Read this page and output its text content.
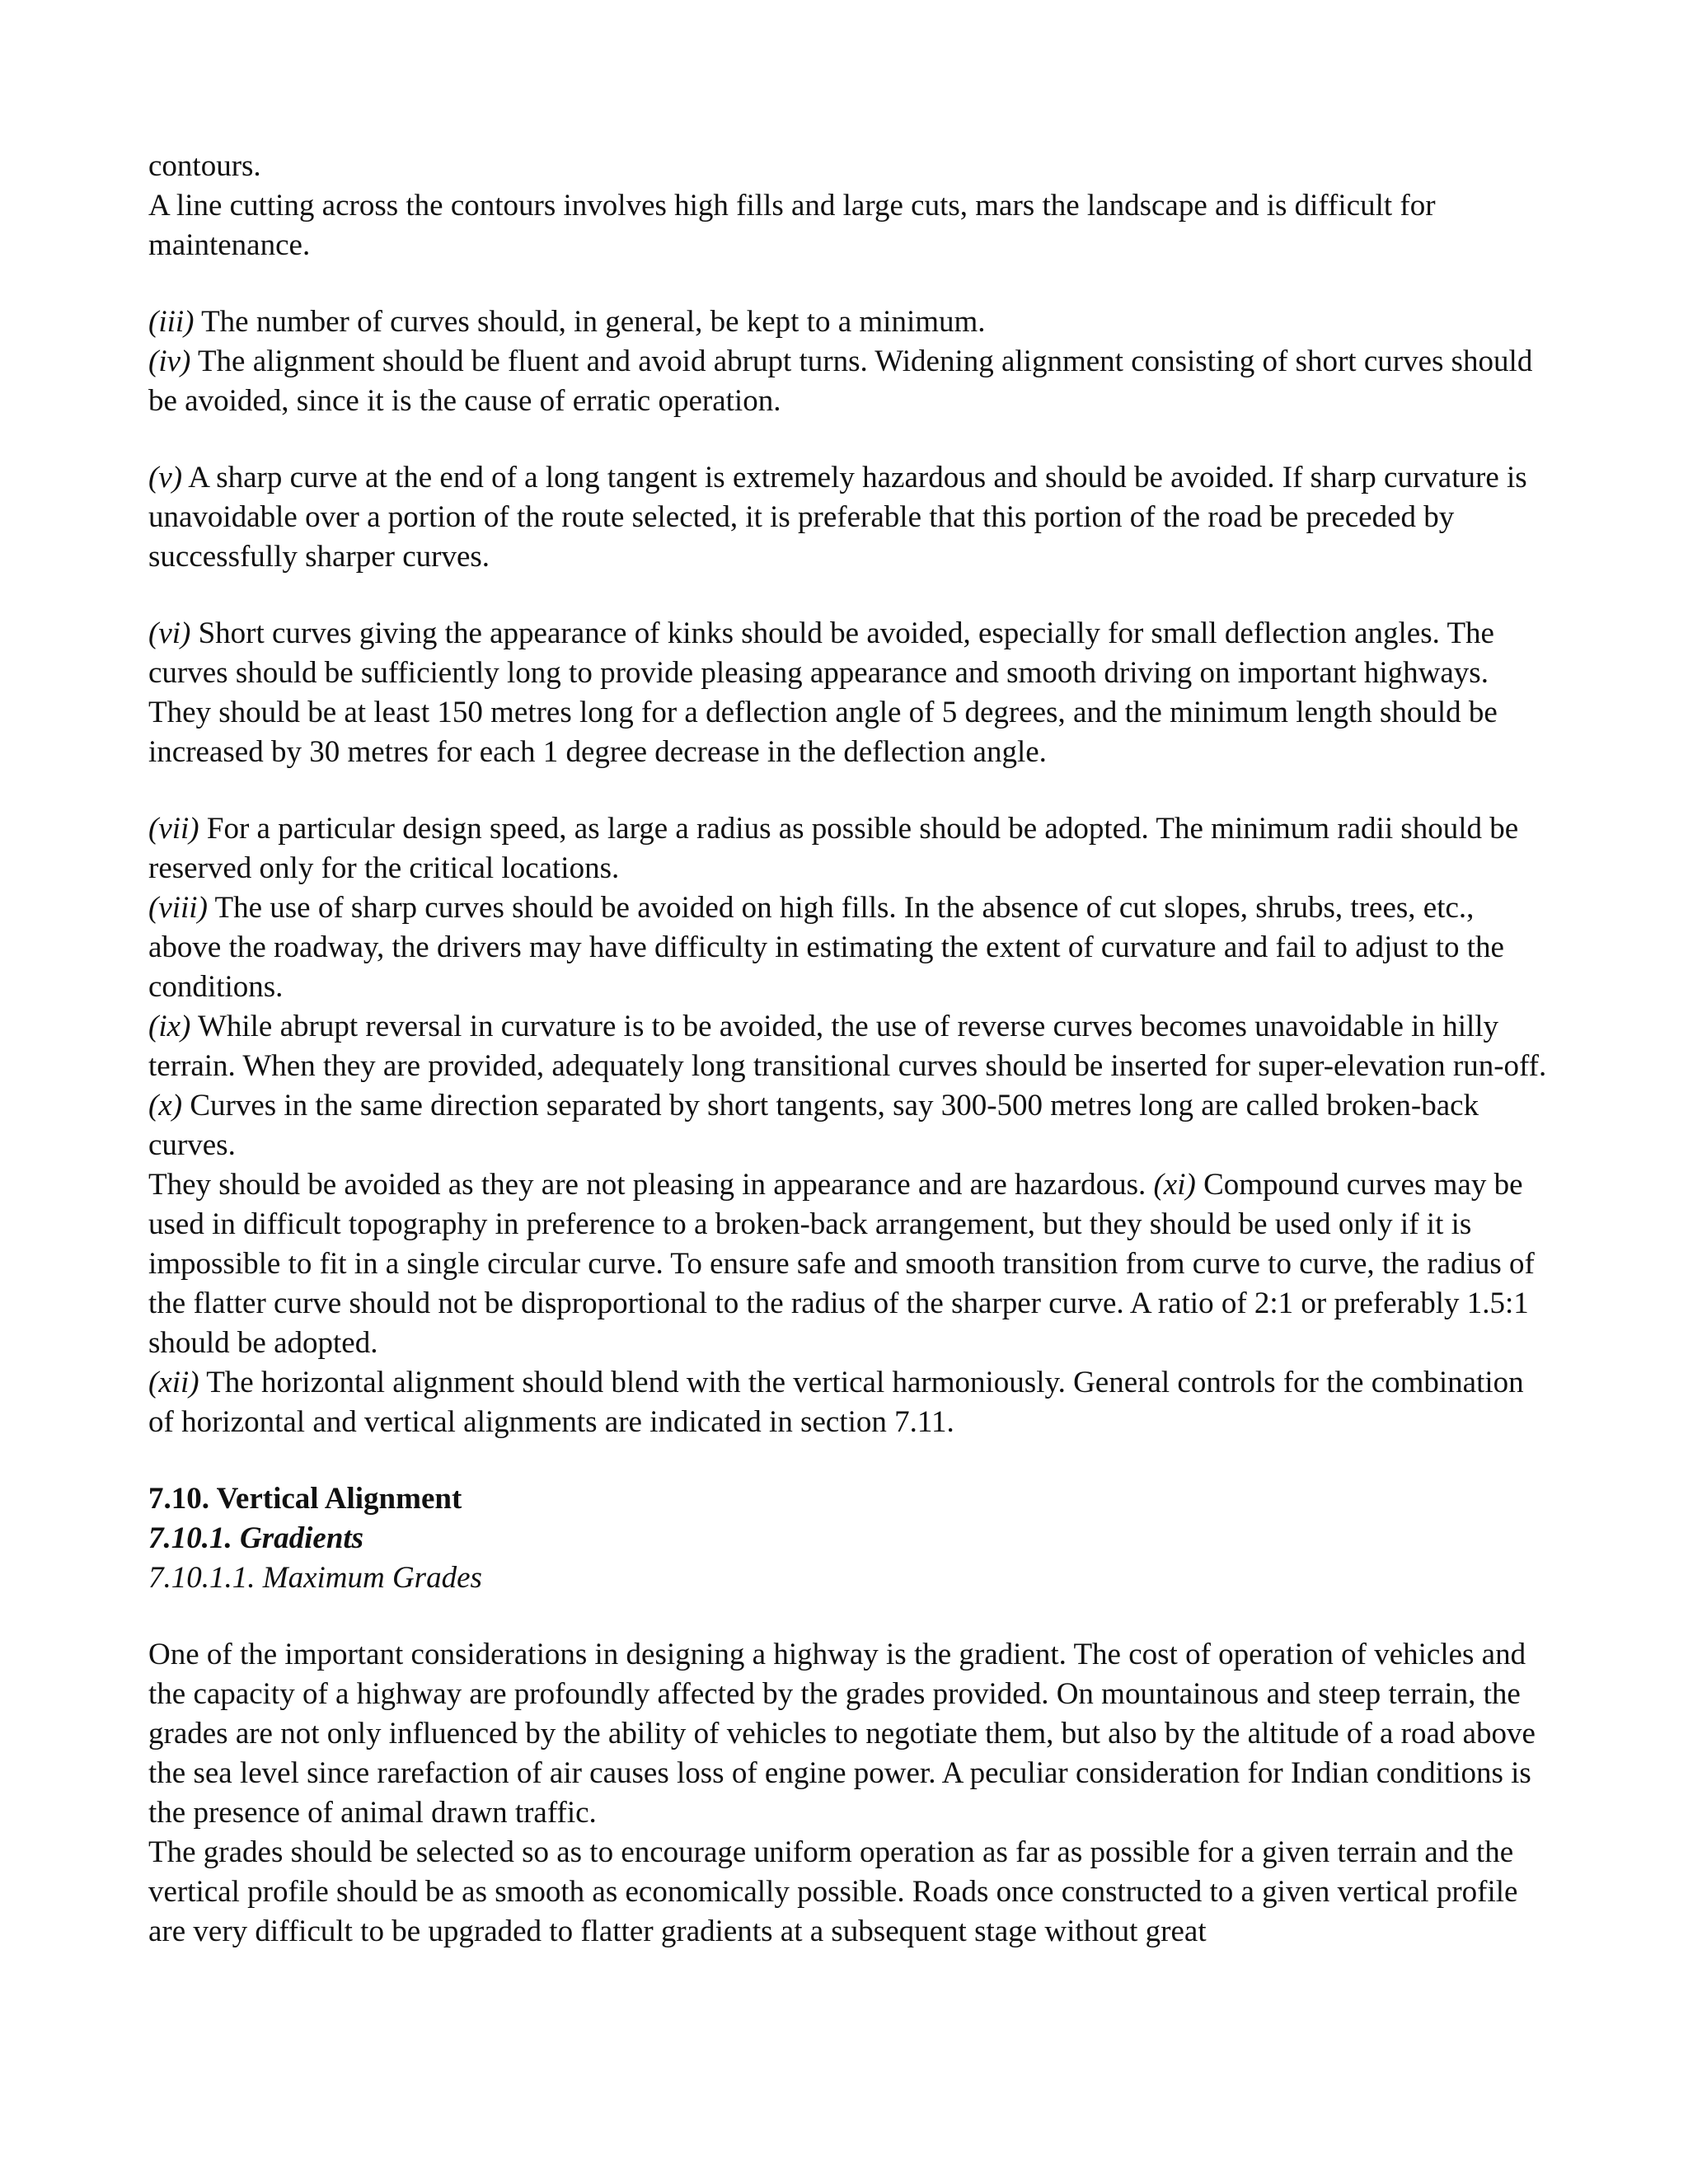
contours.

A line cutting across the contours involves high fills and large cuts, mars the landscape and is difficult for maintenance.

(iii) The number of curves should, in general, be kept to a minimum.

(iv) The alignment should be fluent and avoid abrupt turns. Widening alignment consisting of short curves should be avoided, since it is the cause of erratic operation.

(v) A sharp curve at the end of a long tangent is extremely hazardous and should be avoided. If sharp curvature is unavoidable over a portion of the route selected, it is preferable that this portion of the road be preceded by successfully sharper curves.

(vi) Short curves giving the appearance of kinks should be avoided, especially for small deflection angles. The curves should be sufficiently long to provide pleasing appearance and smooth driving on important highways. They should be at least 150 metres long for a deflection angle of 5 degrees, and the minimum length should be increased by 30 metres for each 1 degree decrease in the deflection angle.

(vii) For a particular design speed, as large a radius as possible should be adopted. The minimum radii should be reserved only for the critical locations.

(viii) The use of sharp curves should be avoided on high fills. In the absence of cut slopes, shrubs, trees, etc., above the roadway, the drivers may have difficulty in estimating the extent of curvature and fail to adjust to the conditions.

(ix) While abrupt reversal in curvature is to be avoided, the use of reverse curves becomes unavoidable in hilly terrain. When they are provided, adequately long transitional curves should be inserted for super-elevation run-off.

(x) Curves in the same direction separated by short tangents, say 300-500 metres long are called broken-back curves.

They should be avoided as they are not pleasing in appearance and are hazardous. (xi) Compound curves may be used in difficult topography in preference to a broken-back arrangement, but they should be used only if it is impossible to fit in a single circular curve. To ensure safe and smooth transition from curve to curve, the radius of the flatter curve should not be disproportional to the radius of the sharper curve. A ratio of 2:1 or preferably 1.5:1 should be adopted.

(xii) The horizontal alignment should blend with the vertical harmoniously. General controls for the combination of horizontal and vertical alignments are indicated in section 7.11.

7.10. Vertical Alignment

7.10.1. Gradients

7.10.1.1. Maximum Grades

One of the important considerations in designing a highway is the gradient. The cost of operation of vehicles and the capacity of a highway are profoundly affected by the grades provided. On mountainous and steep terrain, the grades are not only influenced by the ability of vehicles to negotiate them, but also by the altitude of a road above the sea level since rarefaction of air causes loss of engine power. A peculiar consideration for Indian conditions is the presence of animal drawn traffic.

The grades should be selected so as to encourage uniform operation as far as possible for a given terrain and the vertical profile should be as smooth as economically possible. Roads once constructed to a given vertical profile are very difficult to be upgraded to flatter gradients at a subsequent stage without great
